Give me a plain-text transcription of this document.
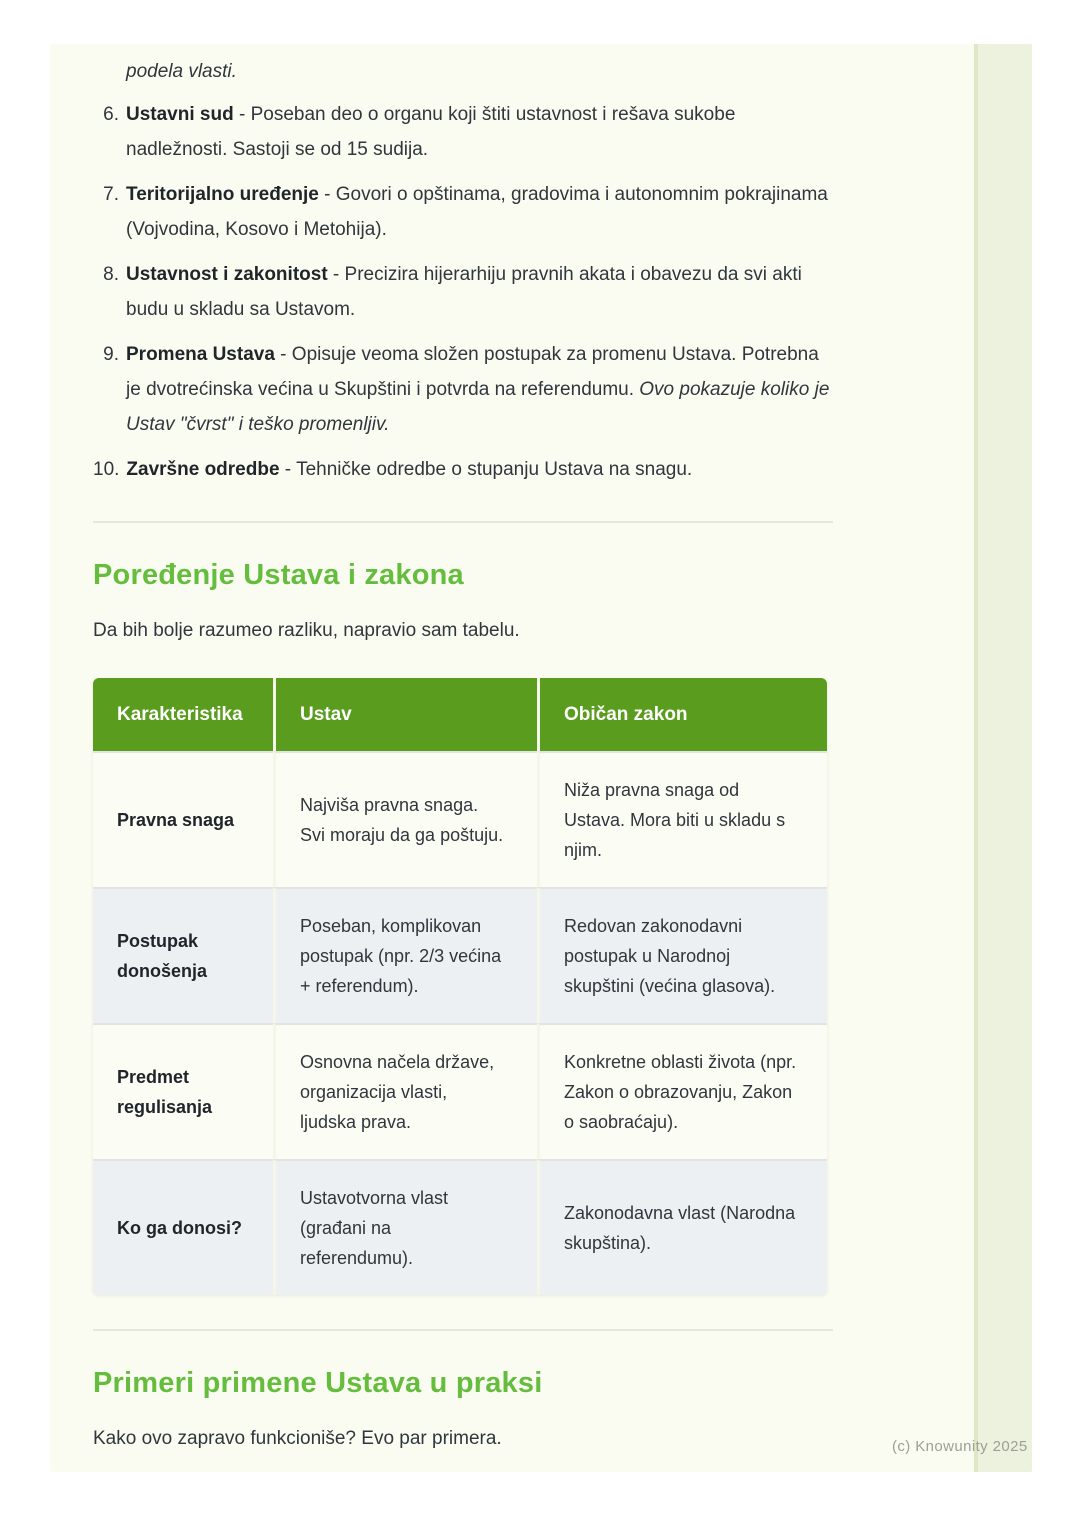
podela vlasti.
6. Ustavni sud - Poseban deo o organu koji štiti ustavnost i rešava sukobe nadležnosti. Sastoji se od 15 sudija.
7. Teritorijalno uređenje - Govori o opštinama, gradovima i autonomnim pokrajinama (Vojvodina, Kosovo i Metohija).
8. Ustavnost i zakonitost - Precizira hijerarhiju pravnih akata i obavezu da svi akti budu u skladu sa Ustavom.
9. Promena Ustava - Opisuje veoma složen postupak za promenu Ustava. Potrebna je dvotrećinska većina u Skupštini i potvrda na referendumu. Ovo pokazuje koliko je Ustav "čvrst" i teško promenljiv.
10. Završne odredbe - Tehničke odredbe o stupanju Ustava na snagu.
Poređenje Ustava i zakona
Da bih bolje razumeo razliku, napravio sam tabelu.
Karakteristika	Ustav	Običan zakon
Pravna snaga	Najviša pravna snaga. Svi moraju da ga poštuju.	Niža pravna snaga od Ustava. Mora biti u skladu s njim.
Postupak donošenja	Poseban, komplikovan postupak (npr. 2/3 većina + referendum).	Redovan zakonodavni postupak u Narodnoj skupštini (većina glasova).
Predmet regulisanja	Osnovna načela države, organizacija vlasti, ljudska prava.	Konkretne oblasti života (npr. Zakon o obrazovanju, Zakon o saobraćaju).
Ko ga donosi?	Ustavotvorna vlast (građani na referendumu).	Zakonodavna vlast (Narodna skupština).
Primeri primene Ustava u praksi
Kako ovo zapravo funkcioniše? Evo par primera.	(c) Knowunity 2025
